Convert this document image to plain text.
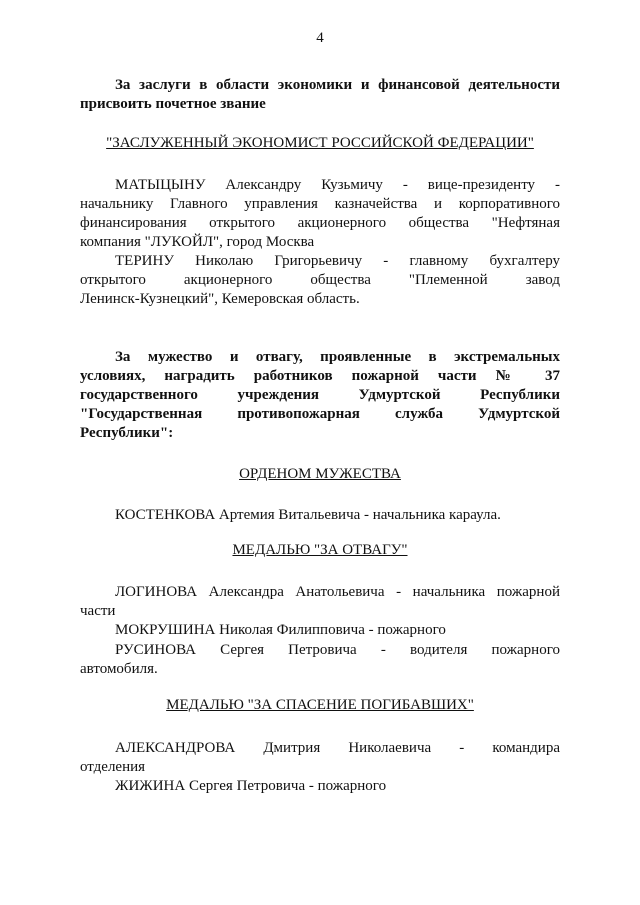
4
За заслуги в области экономики и финансовой деятельности
присвоить почетное звание
"ЗАСЛУЖЕННЫЙ ЭКОНОМИСТ РОССИЙСКОЙ ФЕДЕРАЦИИ"
МАТЫЦЫНУ Александру Кузьмичу - вице-президенту -
начальнику Главного управления казначейства и корпоративного
финансирования открытого акционерного общества "Нефтяная
компания "ЛУКОЙЛ", город Москва
ТЕРИНУ Николаю Григорьевичу - главному бухгалтеру
открытого акционерного общества "Племенной завод
Ленинск-Кузнецкий", Кемеровская область.
За мужество и отвагу, проявленные в экстремальных
условиях, наградить работников пожарной части № 37
государственного учреждения Удмуртской Республики
"Государственная противопожарная служба Удмуртской
Республики":
ОРДЕНОМ МУЖЕСТВА
КОСТЕНКОВА Артемия Витальевича - начальника караула.
МЕДАЛЬЮ "ЗА ОТВАГУ"
ЛОГИНОВА Александра Анатольевича - начальника пожарной
части
МОКРУШИНА Николая Филипповича - пожарного
РУСИНОВА Сергея Петровича - водителя пожарного
автомобиля.
МЕДАЛЬЮ "ЗА СПАСЕНИЕ ПОГИБАВШИХ"
АЛЕКСАНДРОВА Дмитрия Николаевича - командира
отделения
ЖИЖИНА Сергея Петровича - пожарного
